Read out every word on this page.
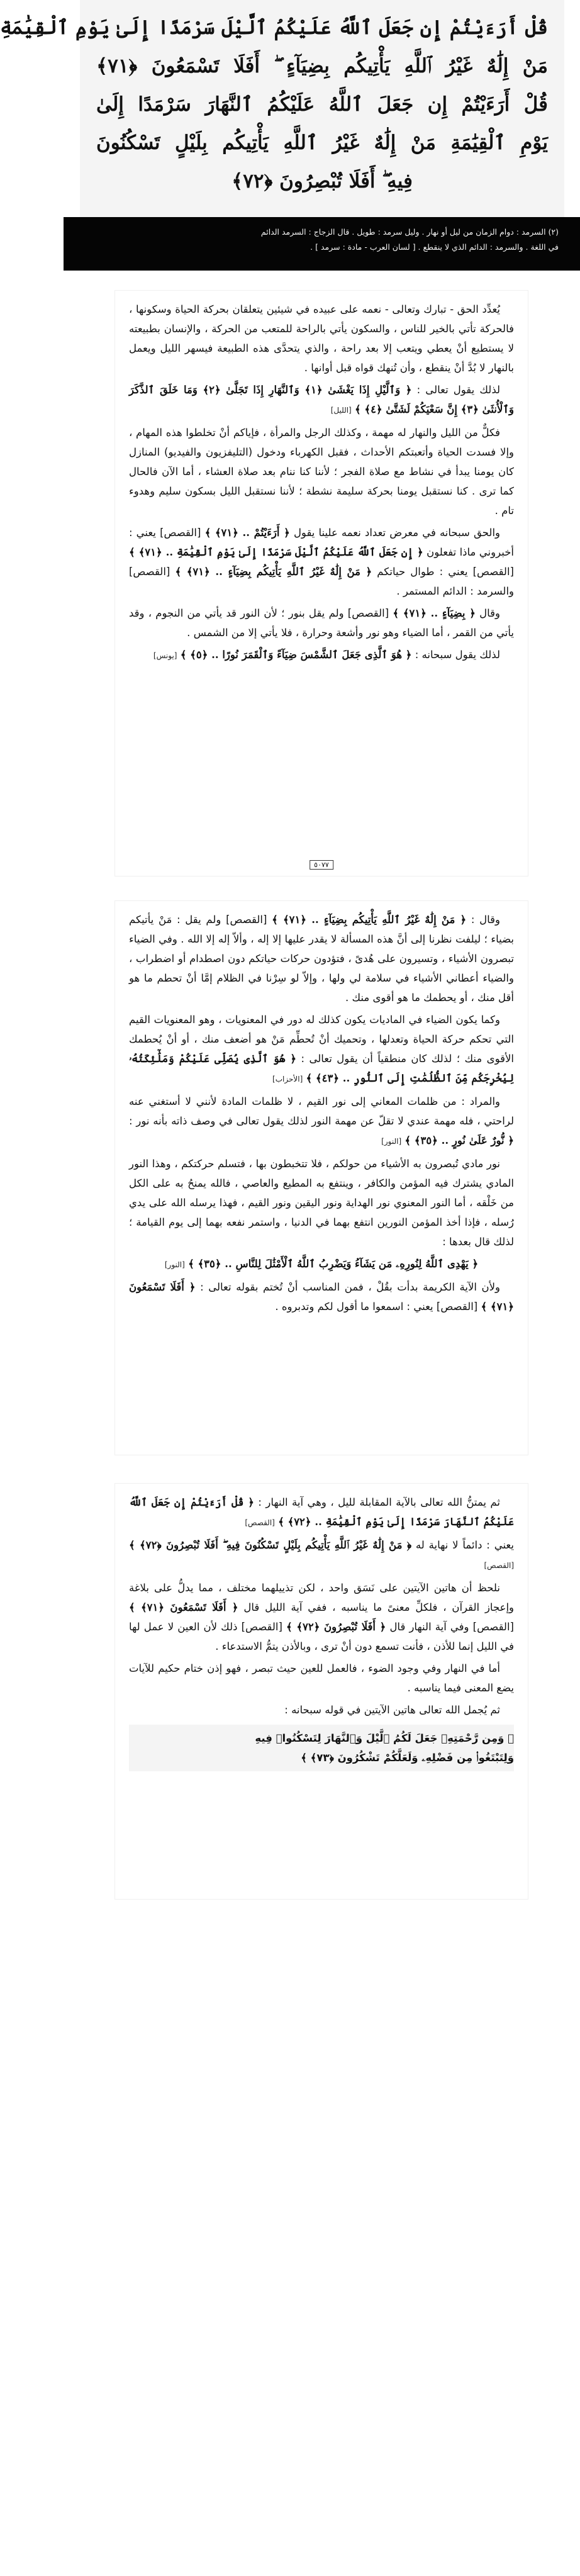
قُلْ أَرَءَيْتُمْ إِن جَعَلَ ٱللَّهُ عَلَيْكُمُ ٱلَّيْلَ سَرْمَدًا إِلَىٰ يَوْمِ ٱلْقِيَٰمَةِ

مَنْ إِلَٰهٌ غَيْرُ ٱللَّهِ يَأْتِيكُم بِضِيَآءٍ ۖ أَفَلَا تَسْمَعُونَ ﴿٧١﴾

قُلْ أَرَءَيْتُمْ إِن جَعَلَ ٱللَّهُ عَلَيْكُمُ ٱلنَّهَارَ سَرْمَدًا إِلَىٰ

يَوْمِ ٱلْقِيَٰمَةِ مَنْ إِلَٰهٌ غَيْرُ ٱللَّهِ يَأْتِيكُم بِلَيْلٍ تَسْكُنُونَ

فِيهِ ۖ أَفَلَا تُبْصِرُونَ ﴿٧٢﴾

(٢) السرمد : دوام الزمان من ليل أو نهار . وليل سرمد : طويل . قال الزجاج : السرمد الدائم
في اللغة . والسرمد : الدائم الذي لا ينقطع . [ لسان العرب - مادة : سرمد ] .

يُعدِّد الحق - تبارك وتعالى - نعمه على عبيده في شيئين يتعلقان بحركة الحياة وسكونها ، فالحركة تأتي بالخير للناس ، والسكون يأتي بالراحة للمتعب من الحركة ، والإنسان بطبيعته لا يستطيع أنْ يعطي ويتعب إلا بعد راحة ، والذي يتحدَّى هذه الطبيعة فيسهر الليل ويعمل بالنهار لا بُدَّ أنْ ينقطع ، وأن تُنهك قواه قبل أوانها .

لذلك يقول تعالى : ﴿ وَٱلَّيْلِ إِذَا يَغْشَىٰ ﴿١﴾ وَٱلنَّهَارِ إِذَا تَجَلَّىٰ ﴿٢﴾ وَمَا خَلَقَ ٱلذَّكَرَ وَٱلْأُنثَىٰ ﴿٣﴾ إِنَّ سَعْيَكُمْ لَشَتَّىٰ ﴿٤﴾ ﴾ [الليل]

فكلٌّ من الليل والنهار له مهمة ، وكذلك الرجل والمرأة ، فإياكم أنْ تخلطوا هذه المهام ، وإلا فسدت الحياة وأتعبتكم الأحداث ، فقبل الكهرباء ودخول (التليفزيون والفيديو) المنازل كان يومنا يبدأ في نشاط مع صلاة الفجر ؛ لأننا كنا ننام بعد صلاة العشاء ، أما الآن فالحال كما ترى . كنا نستقبل يومنا بحركة سليمة نشطة ؛ لأننا نستقبل الليل بسكون سليم وهدوء تام .

والحق سبحانه في معرض تعداد نعمه علينا يقول ﴿ أَرَءَيْتُمْ .. ﴿٧١﴾ ﴾ [القصص] يعني : أخبروني ماذا تفعلون ﴿ إِن جَعَلَ ٱللَّهُ عَلَيْكُمُ ٱلَّيْلَ سَرْمَدًا إِلَىٰ يَوْمِ ٱلْقِيَٰمَةِ .. ﴿٧١﴾ ﴾ [القصص] يعني : طوال حياتكم ﴿ مَنْ إِلَٰهٌ غَيْرُ ٱللَّهِ يَأْتِيكُم بِضِيَآءٍ .. ﴿٧١﴾ ﴾ [القصص] والسرمد : الدائم المستمر .

وقال ﴿ بِضِيَآءٍ .. ﴿٧١﴾ ﴾ [القصص] ولم يقل بنور ؛ لأن النور قد يأتي من النجوم ، وقد يأتي من القمر ، أما الضياء وهو نور وأشعة وحرارة ، فلا يأتي إلا من الشمس .

لذلك يقول سبحانه : ﴿ هُوَ ٱلَّذِى جَعَلَ ٱلشَّمْسَ ضِيَآءً وَٱلْقَمَرَ نُورًا .. ﴿٥﴾ ﴾ [يونس]

٥٠٧٧

وقال : ﴿ مَنْ إِلَٰهٌ غَيْرُ ٱللَّهِ يَأْتِيكُم بِضِيَآءٍ .. ﴿٧١﴾ ﴾ [القصص] ولم يقل : مَنْ يأتيكم بضياء ؛ ليلفت نظرنا إلى أنَّ هذه المسألة لا يقدر عليها إلا إله ، وألاّ إله إلا الله . وفي الضياء تبصرون الأشياء ، وتسيرون على هُدىً ، فتؤدون حركات حياتكم دون اصطدام أو اضطراب ، والضياء أعطاني الأشياء في سلامة لي ولها ، وإلاّ لو سِرْنا في الظلام إمَّا أنْ تحطم ما هو أقل منك ، أو يحطمك ما هو أقوى منك .

وكما يكون الضياء في الماديات يكون كذلك له دور في المعنويات ، وهو المعنويات القيم التي تحكم حركة الحياة وتعدلها ، وتحميك أنْ تُحطِّم مَنْ هو أضعف منك ، أو أنْ يُحطمك الأقوى منك ؛ لذلك كان منطقياً أن يقول تعالى : ﴿ هُوَ ٱلَّذِى يُصَلِّى عَلَيْكُمْ وَمَلَٰٓئِكَتُهُۥ لِيُخْرِجَكُم مِّنَ ٱلظُّلُمَٰتِ إِلَى ٱلنُّورِ .. ﴿٤٣﴾ ﴾ [الأحزاب]

والمراد : من ظلمات المعاني إلى نور القيم ، لا ظلمات المادة لأنني لا أستغني عنه لراحتي ، فله مهمة عندي لا تقلّ عن مهمة النور لذلك يقول تعالى في وصف ذاته بأنه نور : ﴿ نُّورٌ عَلَىٰ نُورٍ .. ﴿٣٥﴾ ﴾ [النور]

نور مادي تُبصرون به الأشياء من حولكم ، فلا تتخبطون بها ، فتسلم حركتكم ، وهذا النور المادي يشترك فيه المؤمن والكافر ، وينتفع به المطيع والعاصي ، فالله يمنحُ به على الكل من خَلْقه ، أما النور المعنوي نور الهداية ونور اليقين ونور القيم ، فهذا يرسله الله على يدي رُسله ، فإذا أخذ المؤمن النورين انتفع بهما في الدنيا ، واستمر نفعه بهما إلى يوم القيامة ؛ لذلك قال بعدها :

﴿ يَهْدِى ٱللَّهُ لِنُورِهِۦ مَن يَشَآءُ وَيَضْرِبُ ٱللَّهُ ٱلْأَمْثَٰلَ لِلنَّاسِ .. ﴿٣٥﴾ ﴾ [النور]

ولأن الآية الكريمة بدأت بقُلْ ، فمن المناسب أنْ تُختم بقوله تعالى : ﴿ أَفَلَا تَسْمَعُونَ ﴿٧١﴾ ﴾ [القصص] يعني : اسمعوا ما أقول لكم وتدبروه .

ثم يمتنُّ الله تعالى بالآية المقابلة لليل ، وهي آية النهار : ﴿ قُلْ أَرَءَيْتُمْ إِن جَعَلَ ٱللَّهُ عَلَيْكُمُ ٱلنَّهَارَ سَرْمَدًا إِلَىٰ يَوْمِ ٱلْقِيَٰمَةِ .. ﴿٧٢﴾ ﴾ [القصص]

يعني : دائماً لا نهاية له ﴿ مَنْ إِلَٰهٌ غَيْرُ ٱللَّهِ يَأْتِيكُم بِلَيْلٍ تَسْكُنُونَ فِيهِ ۖ أَفَلَا تُبْصِرُونَ ﴿٧٢﴾ ﴾ [القصص]

نلحظ أن هاتين الآيتين على نَسَق واحد ، لكن تذييلهما مختلف ، مما يدلُّ على بلاغة وإعجاز القرآن ، فلكلِّ معنىً ما يناسبه ، ففي آية الليل قال ﴿ أَفَلَا تَسْمَعُونَ ﴿٧١﴾ ﴾ [القصص] وفي آية النهار قال ﴿ أَفَلَا تُبْصِرُونَ ﴿٧٢﴾ ﴾ [القصص] ذلك لأن العين لا عمل لها في الليل إنما للأذن ، فأنت تسمع دون أنْ ترى ، وبالأذن يتمُّ الاستدعاء .

أما في النهار وفي وجود الضوء ، فالعمل للعين حيث تبصر ، فهو إذن ختام حكيم للآيات يضع المعنى فيما يناسبه .

ثم يُجمل الله تعالى هاتين الآيتين في قوله سبحانه :

﴿ وَمِن رَّحْمَتِهِۦ جَعَلَ لَكُمُ ٱلَّيْلَ وَٱلنَّهَارَ لِتَسْكُنُوا۟ فِيهِ

وَلِتَبْتَغُوا۟ مِن فَضْلِهِۦ وَلَعَلَّكُمْ تَشْكُرُونَ ﴿٧٣﴾ ﴾
